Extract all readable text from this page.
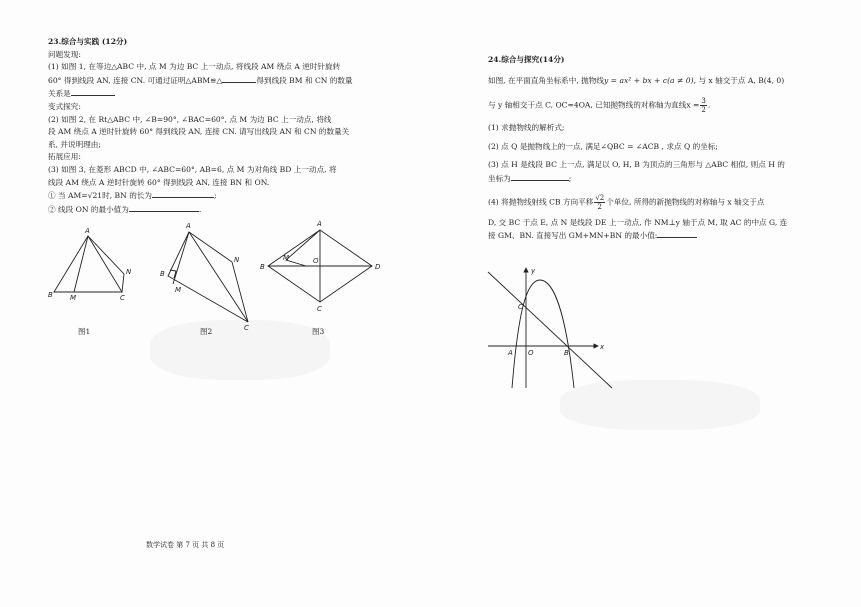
23.综合与实践 (12分)
问题发现:
(1) 如图 1, 在等边△ABC 中, 点 M 为边 BC 上一动点, 将线段 AM 绕点 A 逆时针旋转
60° 得到线段 AN, 连接 CN. 可通过证明△ABM≌△	得到线段 BM 和 CN 的数量
关系是
变式探究:
(2) 如图 2, 在 Rt△ABC 中, ∠B=90°, ∠BAC=60°, 点 M 为边 BC 上一动点, 将线
段 AM 绕点 A 逆时针旋转 60° 得到线段 AN, 连接 CN. 请写出线段 AN 和 CN 的数量关
系, 并说明理由;
拓展应用:
(3) 如图 3, 在菱形 ABCD 中, ∠ABC=60°, AB=6, 点 M 为对角线 BD 上一动点, 将
线段 AM 绕点 A 逆时针旋转 60° 得到线段 AN, 连接 BN 和 ON.
① 当 AM=√21时, BN 的长为	;
② 线段 ON 的最小值为	.
A
B M	C
N
A
B
M
N
C
A
B
M	O
D
C
图1	图2	图3
24.综合与探究(14分)
如图, 在平面直角坐标系中, 抛物线y = ax² + bx + c(a ≠ 0), 与 x 轴交于点 A, B(4, 0)
与 y 轴相交于点 C, OC=4OA, 已知抛物线的对称轴为直线$x = \frac{3}{2}$ .
(1) 求抛物线的解析式;
(2) 点 Q 是抛物线上的一点, 满足∠QBC = ∠ACB , 求点 Q 的坐标;
(3) 点 H 是线段 BC 上一点, 满足以 O, H, B 为顶点的三角形与 △ABC 相似, 则点 H 的
坐标为	;
(4) 将抛物线射线 CB 方向平移 $\frac{√2}{2}$ 个单位, 所得的新抛物线的对称轴与 x 轴交于点
D, 交 BC 于点 E, 点 N 是线段 DE 上一动点, 作 NM⊥y 轴于点 M, 取 AC 的中点 G, 连
接 GM、BN. 直接写出 GM+MN+BN 的最小值:
y
x
C
A O	B
数学试卷 第 7 页 共 8 页
